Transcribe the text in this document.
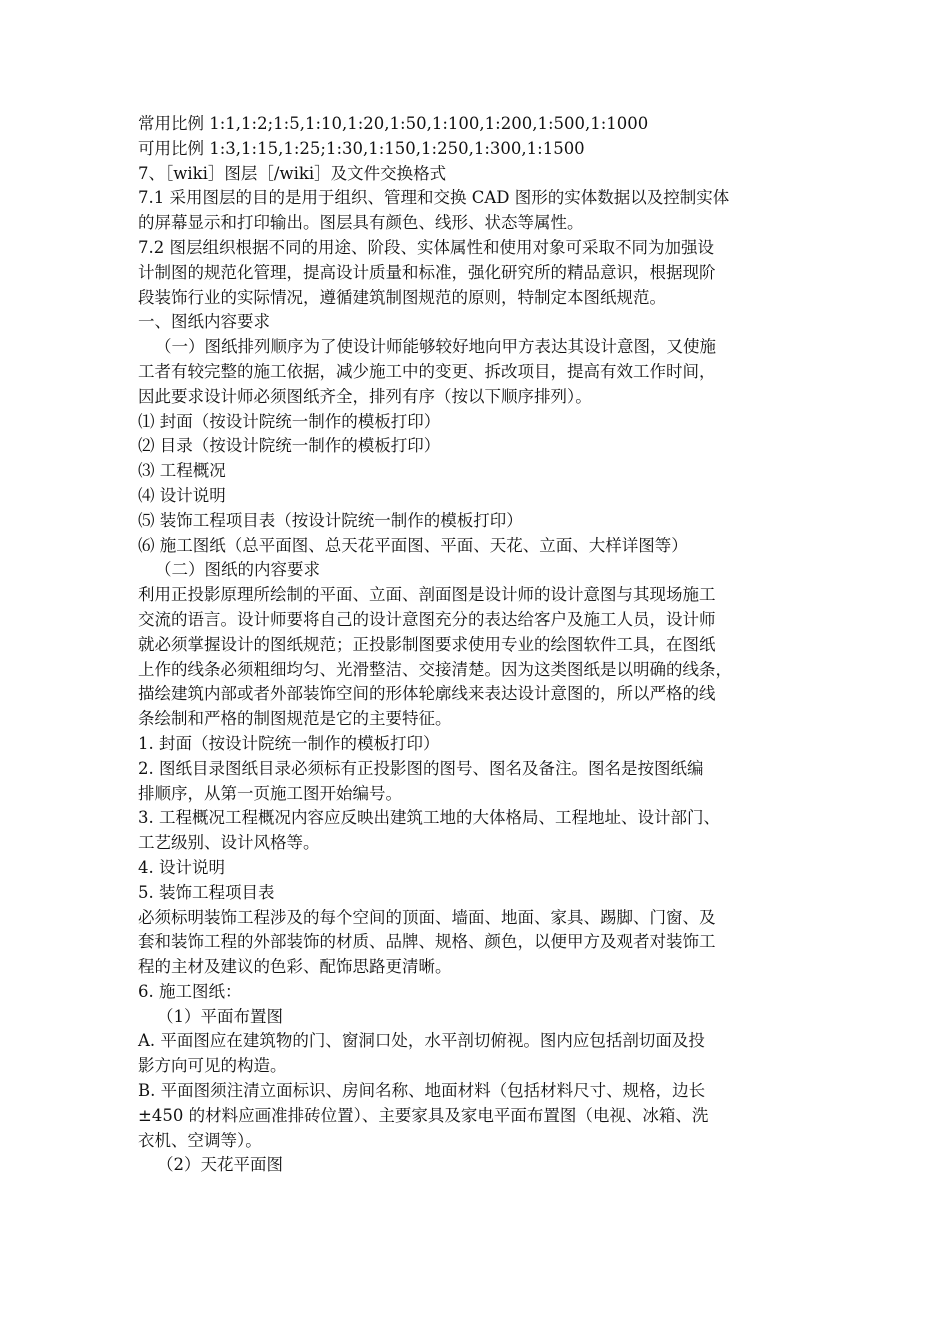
常用比例 1:1,1:2;1:5,1:10,1:20,1:50,1:100,1:200,1:500,1:1000
可用比例 1:3,1:15,1:25;1:30,1:150,1:250,1:300,1:1500
7、［wiki］图层［/wiki］及文件交换格式
7.1 采用图层的目的是用于组织、管理和交换 CAD 图形的实体数据以及控制实体
的屏幕显示和打印输出。图层具有颜色、线形、状态等属性。
7.2 图层组织根据不同的用途、阶段、实体属性和使用对象可采取不同为加强设
计制图的规范化管理，提高设计质量和标准，强化研究所的精品意识，根据现阶
段装饰行业的实际情况，遵循建筑制图规范的原则，特制定本图纸规范。
一、图纸内容要求
（一）图纸排列顺序为了使设计师能够较好地向甲方表达其设计意图，又使施
工者有较完整的施工依据，减少施工中的变更、拆改项目，提高有效工作时间，
因此要求设计师必须图纸齐全，排列有序（按以下顺序排列）。
⑴ 封面（按设计院统一制作的模板打印）
⑵ 目录（按设计院统一制作的模板打印）
⑶ 工程概况
⑷ 设计说明
⑸ 装饰工程项目表（按设计院统一制作的模板打印）
⑹ 施工图纸（总平面图、总天花平面图、平面、天花、立面、大样详图等）
（二）图纸的内容要求
利用正投影原理所绘制的平面、立面、剖面图是设计师的设计意图与其现场施工
交流的语言。设计师要将自己的设计意图充分的表达给客户及施工人员，设计师
就必须掌握设计的图纸规范；正投影制图要求使用专业的绘图软件工具，在图纸
上作的线条必须粗细均匀、光滑整洁、交接清楚。因为这类图纸是以明确的线条，
描绘建筑内部或者外部装饰空间的形体轮廓线来表达设计意图的，所以严格的线
条绘制和严格的制图规范是它的主要特征。
1. 封面（按设计院统一制作的模板打印）
2. 图纸目录图纸目录必须标有正投影图的图号、图名及备注。图名是按图纸编
排顺序，从第一页施工图开始编号。
3. 工程概况工程概况内容应反映出建筑工地的大体格局、工程地址、设计部门、
工艺级别、设计风格等。
4. 设计说明
5. 装饰工程项目表
必须标明装饰工程涉及的每个空间的顶面、墙面、地面、家具、踢脚、门窗、及
套和装饰工程的外部装饰的材质、品牌、规格、颜色，以便甲方及观者对装饰工
程的主材及建议的色彩、配饰思路更清晰。
6. 施工图纸：
（1）平面布置图
A. 平面图应在建筑物的门、窗洞口处，水平剖切俯视。图内应包括剖切面及投
影方向可见的构造。
B. 平面图须注清立面标识、房间名称、地面材料（包括材料尺寸、规格，边长
±450 的材料应画准排砖位置）、主要家具及家电平面布置图（电视、冰箱、洗
衣机、空调等）。
（2）天花平面图
